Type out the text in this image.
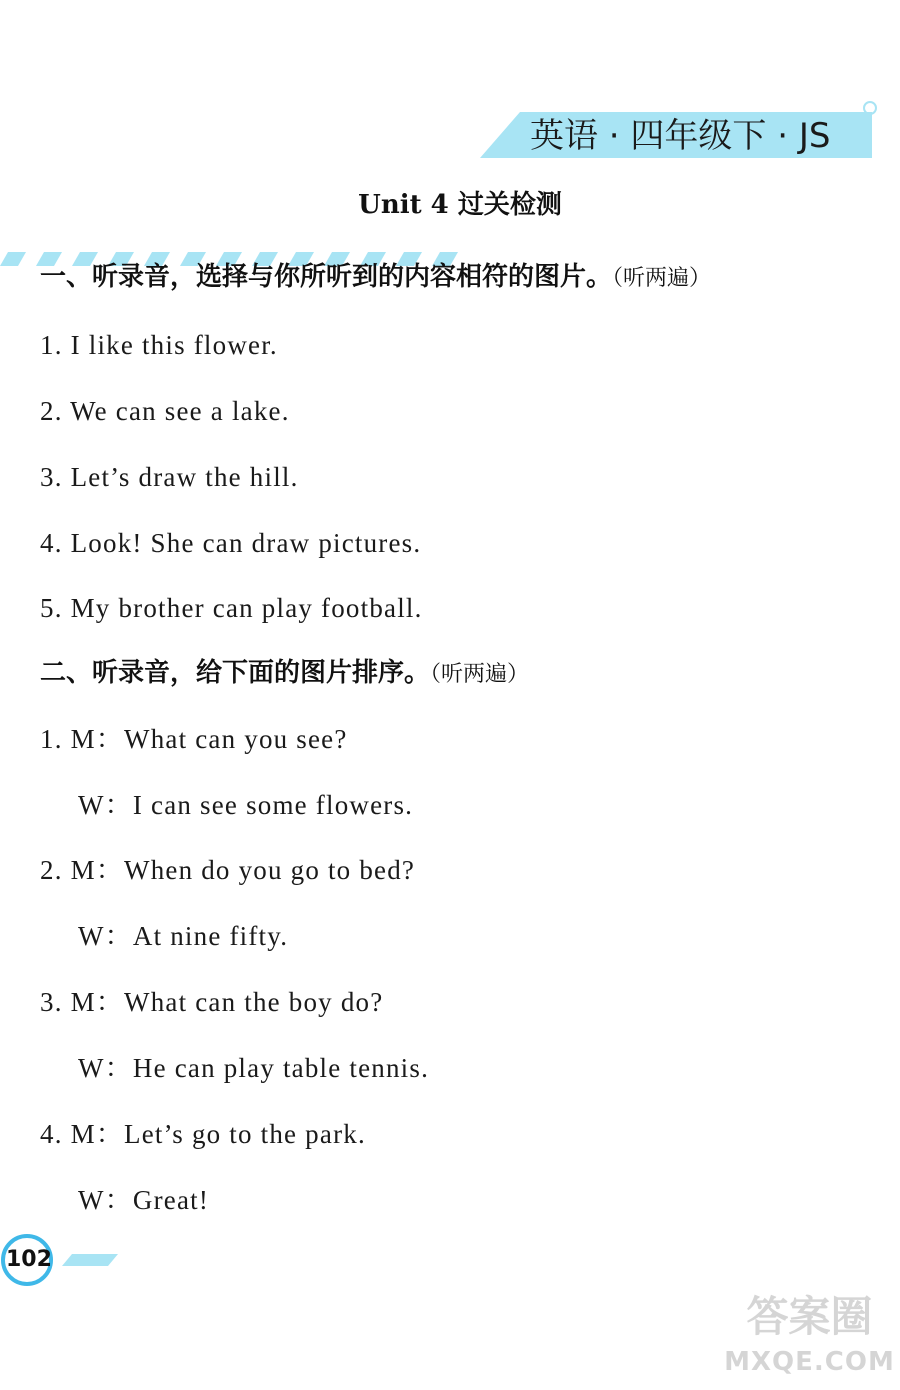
英语 · 四年级下 · JS
Unit 4 过关检测
一、听录音，选择与你所听到的内容相符的图片。（听两遍）
1. I like this flower.
2. We can see a lake.
3. Let’s draw the hill.
4. Look! She can draw pictures.
5. My brother can play football.
二、听录音，给下面的图片排序。（听两遍）
1. M：What can you see?
W：I can see some flowers.
2. M：When do you go to bed?
W：At nine fifty.
3. M：What can the boy do?
W：He can play table tennis.
4. M：Let’s go to the park.
W：Great!
102
答案圈
MXQE.COM
